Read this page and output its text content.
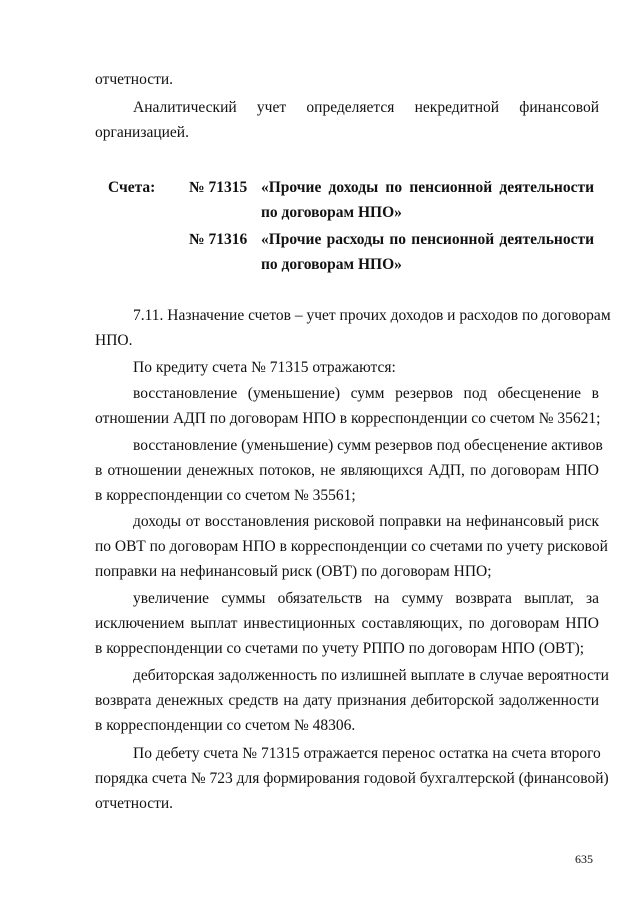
отчетности.
Аналитический учет определяется некредитной финансовой
организацией.
Счета: № 71315 «Прочие доходы по пенсионной деятельности
по договорам НПО»
№ 71316 «Прочие расходы по пенсионной деятельности
по договорам НПО»
7.11. Назначение счетов – учет прочих доходов и расходов по договорам
НПО.
По кредиту счета № 71315 отражаются:
восстановление (уменьшение) сумм резервов под обесценение в
отношении АДП по договорам НПО в корреспонденции со счетом № 35621;
восстановление (уменьшение) сумм резервов под обесценение активов
в отношении денежных потоков, не являющихся АДП, по договорам НПО
в корреспонденции со счетом № 35561;
доходы от восстановления рисковой поправки на нефинансовый риск
по ОВТ по договорам НПО в корреспонденции со счетами по учету рисковой
поправки на нефинансовый риск (ОВТ) по договорам НПО;
увеличение суммы обязательств на сумму возврата выплат, за
исключением выплат инвестиционных составляющих, по договорам НПО
в корреспонденции со счетами по учету РППО по договорам НПО (ОВТ);
дебиторская задолженность по излишней выплате в случае вероятности
возврата денежных средств на дату признания дебиторской задолженности
в корреспонденции со счетом № 48306.
По дебету счета № 71315 отражается перенос остатка на счета второго
порядка счета № 723 для формирования годовой бухгалтерской (финансовой)
отчетности.
635
